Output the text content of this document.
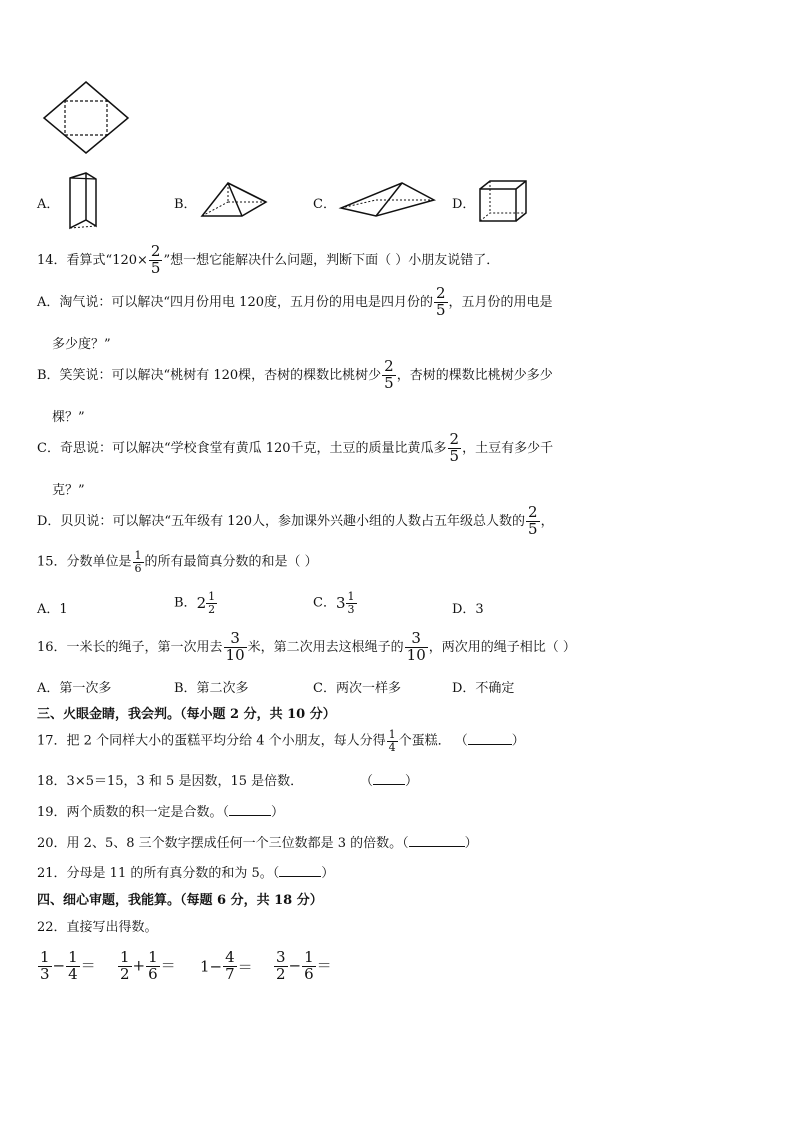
A．	B．	C．	D．
14．看算式“$120\times \frac{2}{5}$ ”想一想它能解决什么问题，判断下面（ ）小朋友说错了．
A．淘气说：可以解决“四月份用电 120度，五月份的用电是四月份的 $\frac{2}{5}$ ，五月份的用电是
多少度？”
B．笑笑说：可以解决“桃树有 120棵，杏树的棵数比桃树少 $\frac{2}{5}$ ，杏树的棵数比桃树少多少
棵？”
C．奇思说：可以解决“学校食堂有黄瓜 120千克，土豆的质量比黄瓜多 $\frac{2}{5}$ ，土豆有多少千
克？”
D．贝贝说：可以解决“五年级有 120人，参加课外兴趣小组的人数占五年级总人数的 $\frac{2}{5}$ ，
15．分数单位是 $\frac{1}{6}$ 的所有最简真分数的和是（ ）
A．1	B．$2 \frac{1}{2}$	C．$3 \frac{1}{3}$	D．3
16．一米长的绳子，第一次用去 $\frac{3}{10}$ 米，第二次用去这根绳子的 $\frac{3}{10}$ ，两次用的绳子相比（ ）
A．第一次多	B．第二次多	C．两次一样多	D．不确定
三、火眼金睛，我会判。（每小题 2 分，共 10 分）
17．把 2 个同样大小的蛋糕平均分给 4 个小朋友，每人分得 $\frac{1}{4}$ 个蛋糕． （	）
18．3×5＝15，3 和 5 是因数，15 是倍数．	（ ）
19．两个质数的积一定是合数。（	）
20．用 2、5、8 三个数字摆成任何一个三位数都是 3 的倍数。（	）
21．分母是 11 的所有真分数的和为 5。（	）
四、细心审题，我能算。（每题 6 分，共 18 分）
22．直接写出得数。
$\frac{1}{3} - \frac{1}{4} = \frac{1}{2} + \frac{1}{6} = 1- \frac{4}{7} = \frac{3}{2} - \frac{1}{6}$ ＝
